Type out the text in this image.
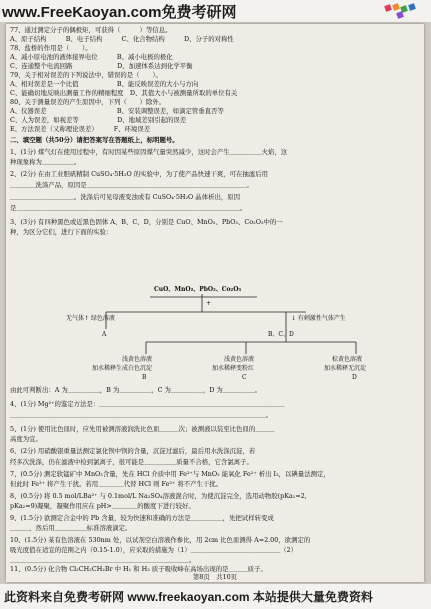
www.FreeKaoyan.com免费考研网
77、通过测定分子的偶极矩，可获得（　　　）等信息。
A、原子结构　　　B、电子结构　　　C、化合物结构　　　D、分子的对称性
78、盐桥的作用是（　　）。
A、减小原电池的液体接界电位　　　B、减小电极的极化
C、连通整个电流回路　　　　　　　D、加速体系达到化学平衡
79、关于相对误差的下列说法中，错误的是（　　）。
A、相对误差是一个比值　　　　　　B、能反映误差的大小与方向
C、能确切地反映出测量工作的精细程度　D、其值大小与被测量所取的单位有关
80、关于测量误差的产生原因中，下列（　　）除外。
A、仪器误差　　　　　　　　　　　B、安装调整误差，如滴定管垂直否等
C、人为误差，如视差等　　　　　　D、地域差别引起的误差
E、方法误差（又称理论误差）　　　F、环境误差
二、填空题（共50分）请把答案写在答题纸上，标明题号。
1、(1分) 煤气灯在使用过程中，有时因某些原因煤气量突然减少，这时会产生＿＿＿＿＿火焰，这
种现象称为＿＿＿＿＿。
2、(2分) 在由工业胆矾精制 CuSO₄·5H₂O 的实验中，为了使产品快速干爽，可在抽滤后用
＿＿＿＿洗涤产品，原因是＿＿＿＿＿＿＿＿＿＿＿＿＿＿＿＿＿＿＿＿＿＿＿＿＿。
＿＿＿＿＿＿＿＿＿＿。洗涤后可见母液变浊或有 CuSO₄·5H₂O 晶体析出，原因
是＿＿＿＿＿＿＿＿＿＿＿＿＿＿＿＿＿＿＿＿＿＿＿＿＿＿＿＿＿＿＿＿＿＿＿。
3、(3分) 有四种黑色或近黑色固体 A、B、C、D，分别是 CuO、MnO₂、PbO₂、Co₂O₃中的一
种，为区分它们，进行下面的实验：
由此可判断出：A 为＿＿＿＿＿，B 为＿＿＿＿＿，C 为＿＿＿＿＿，D 为＿＿＿＿＿。
4、(1分) Mg²⁺的鉴定方法是：＿＿＿＿＿＿＿＿＿＿＿＿＿＿＿＿＿＿＿＿＿＿＿＿＿＿＿＿＿
＿＿＿＿＿＿＿＿＿＿＿＿＿＿＿＿＿＿＿＿＿＿＿＿＿＿＿＿＿＿＿＿＿＿＿＿＿＿＿＿。
5、(1分) 使用比色皿时，应先用被测溶液润洗比色皿＿＿＿次；被测液以装至比色皿的＿＿＿
高度为宜。
6、(2分) 用硝酸银重量法测定氯化钡中钡的含量，沉淀过滤后，最后用水洗涤沉淀，若
经多次洗涤，仍在滤液中检到氯离子，很可能是＿＿＿＿＿质量不合格，它含氯离子。
7、(0.5分) 测定软锰矿中 MnO₂含量，先在 HCl 介质中用 Fe²⁺与 MnO₂ 能氧化 Fe²⁺ 析出 I₂，以碘量法测定，
但此时 Fe³⁺ 将产生干扰。若用＿＿＿＿代替 HCl 则 Fe³⁺ 将不产生干扰。
8、(0.5分) 将 0.5 mol/LBa²⁺ 与 0.1mol/L Na₂SO₄溶液混合时，为使沉淀完全，选用动物胶(pKa₁=2,
pKa₂=9)凝聚，凝聚作用应在 pH>＿＿＿＿的酸度下进行较好。
9、(1.5分) 欲测定合金中的 Pb 含量，较为快速和准确的方法是＿＿＿＿＿，先把试样转变成
＿＿＿，然后用＿＿＿＿＿标准溶液滴定。
10、(1.5分) 某有色溶液在 530nm 处，以试剂空白溶液作参比，用 2cm 比色皿测得 A=2.00，欲测定的
吸光度值在适宜的范围之内（0.15-1.0），应采取的措施为（1）＿＿＿＿＿＿＿＿＿＿＿＿＿＿（2）
＿＿＿＿＿＿＿＿＿＿＿＿＿＿＿＿＿＿＿＿＿＿＿＿＿＿＿＿。
11、(0.5分) 化合物 Cl₂CH₂CH₂Br 中 H₁ 和 H₂ 质子吸收峰在高场出现的是＿＿＿质子。
CuO、MnO₂、PbO₂、Co₂O₃
+
无气体↑ 绿色溶液	↓ 有刺激性气体产生
A	B、C、D
浅黄色溶液	浅黄色溶液	棕黄色溶液
加水稀释生成白色沉淀	加水稀释变粉红	加水稀释无沉淀
B	C	D
第8页　共10页
此资料来自免费考研网 www.freekaoyan.com 本站提供大量免费资料
